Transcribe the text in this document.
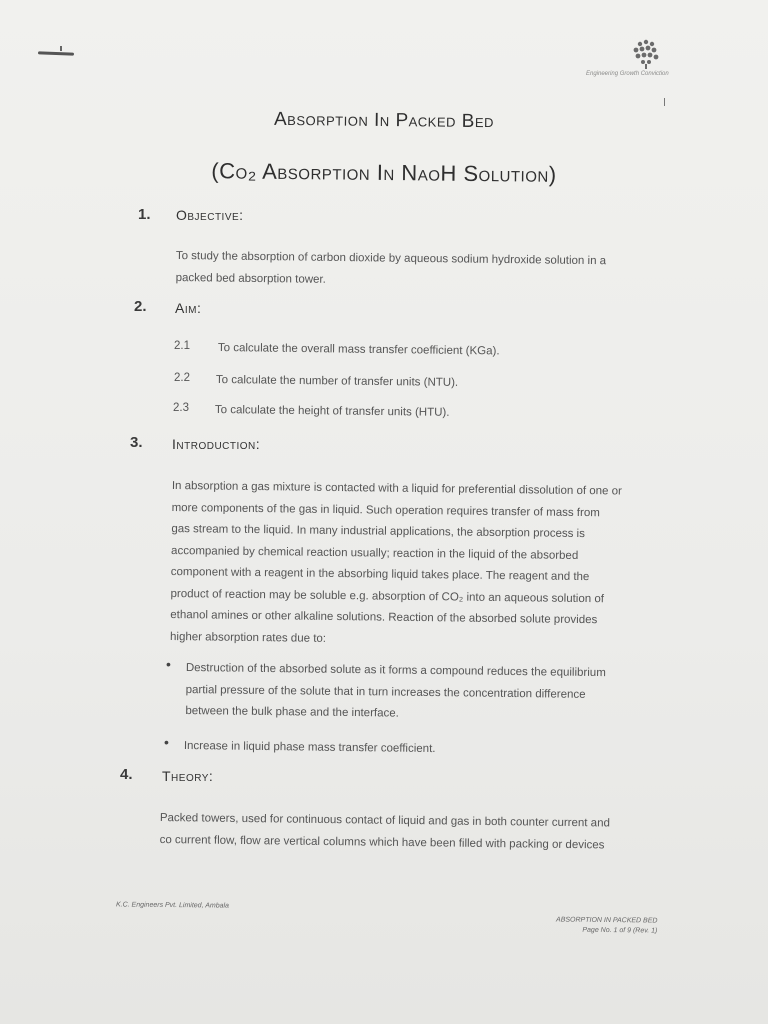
Engineering Growth Conviction
Absorption In Packed Bed
(Co₂ Absorption In NaoH Solution)
1. Objective:
To study the absorption of carbon dioxide by aqueous sodium hydroxide solution in a
packed bed absorption tower.
2. Aim:
2.1 To calculate the overall mass transfer coefficient (KGa).
2.2 To calculate the number of transfer units (NTU).
2.3 To calculate the height of transfer units (HTU).
3. Introduction:
In absorption a gas mixture is contacted with a liquid for preferential dissolution of one or
more components of the gas in liquid. Such operation requires transfer of mass from
gas stream to the liquid. In many industrial applications, the absorption process is
accompanied by chemical reaction usually; reaction in the liquid of the absorbed
component with a reagent in the absorbing liquid takes place. The reagent and the
product of reaction may be soluble e.g. absorption of CO₂ into an aqueous solution of
ethanol amines or other alkaline solutions. Reaction of the absorbed solute provides
higher absorption rates due to:
• Destruction of the absorbed solute as it forms a compound reduces the equilibrium
partial pressure of the solute that in turn increases the concentration difference
between the bulk phase and the interface.
• Increase in liquid phase mass transfer coefficient.
4. Theory:
Packed towers, used for continuous contact of liquid and gas in both counter current and
co current flow, flow are vertical columns which have been filled with packing or devices
K.C. Engineers Pvt. Limited, Ambala
ABSORPTION IN PACKED BED
Page No. 1 of 9 (Rev. 1)
